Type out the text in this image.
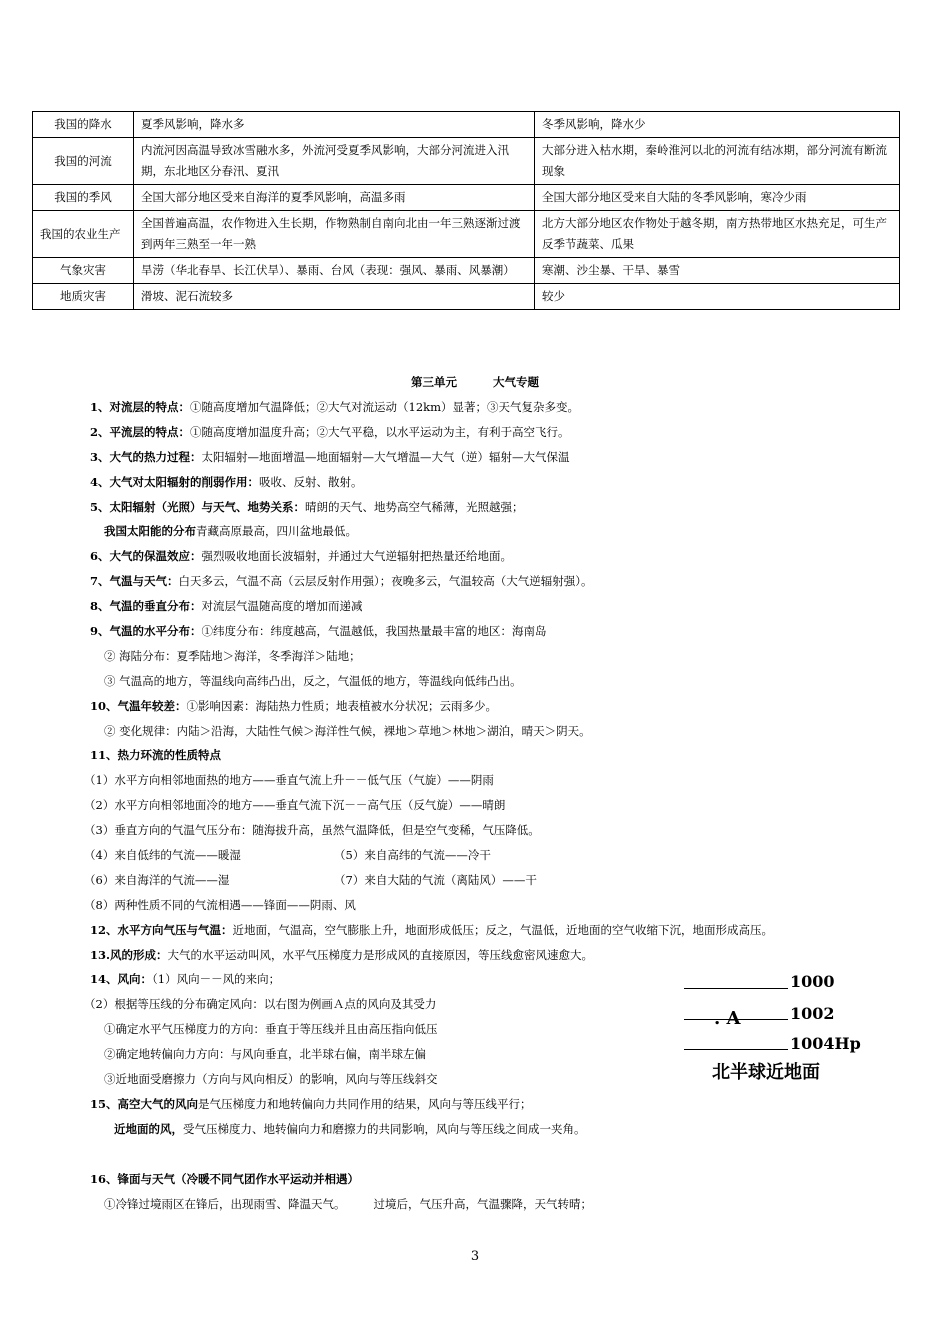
我国的降水	夏季风影响，降水多	冬季风影响，降水少
我国的河流	内流河因高温导致冰雪融水多，外流河受夏季风影响，大部分河流进入汛期，东北地区分春汛、夏汛	大部分进入枯水期，秦岭淮河以北的河流有结冰期，部分河流有断流现象
我国的季风	全国大部分地区受来自海洋的夏季风影响，高温多雨	全国大部分地区受来自大陆的冬季风影响，寒冷少雨
我国的农业生产	全国普遍高温，农作物进入生长期，作物熟制自南向北由一年三熟逐渐过渡到两年三熟至一年一熟	北方大部分地区农作物处于越冬期，南方热带地区水热充足，可生产反季节蔬菜、瓜果
气象灾害	旱涝（华北春旱、长江伏旱）、暴雨、台风（表现：强风、暴雨、风暴潮）	寒潮、沙尘暴、干旱、暴雪
地质灾害	滑坡、泥石流较多	较少
第三单元	大气专题
1、对流层的特点：①随高度增加气温降低；②大气对流运动（12km）显著；③天气复杂多变。
2、平流层的特点：①随高度增加温度升高；②大气平稳，以水平运动为主，有利于高空飞行。
3、大气的热力过程：太阳辐射—地面增温—地面辐射—大气增温—大气（逆）辐射—大气保温
4、大气对太阳辐射的削弱作用：吸收、反射、散射。
5、太阳辐射（光照）与天气、地势关系：晴朗的天气、地势高空气稀薄，光照越强；
我国太阳能的分布青藏高原最高，四川盆地最低。
6、大气的保温效应：强烈吸收地面长波辐射，并通过大气逆辐射把热量还给地面。
7、气温与天气：白天多云，气温不高（云层反射作用强）；夜晚多云，气温较高（大气逆辐射强）。
8、气温的垂直分布：对流层气温随高度的增加而递减
9、气温的水平分布：①纬度分布：纬度越高，气温越低，我国热量最丰富的地区：海南岛
② 海陆分布：夏季陆地＞海洋，冬季海洋＞陆地；
③ 气温高的地方，等温线向高纬凸出，反之，气温低的地方，等温线向低纬凸出。
10、气温年较差：①影响因素：海陆热力性质；地表植被水分状况；云雨多少。
② 变化规律：内陆＞沿海，大陆性气候＞海洋性气候，裸地＞草地＞林地＞湖泊，晴天＞阴天。
11、热力环流的性质特点
（1）水平方向相邻地面热的地方——垂直气流上升－－低气压（气旋）——阴雨
（2）水平方向相邻地面冷的地方——垂直气流下沉－－高气压（反气旋）——晴朗
（3）垂直方向的气温气压分布：随海拔升高，虽然气温降低，但是空气变稀，气压降低。
（4）来自低纬的气流——暖湿	（5）来自高纬的气流——冷干
（6）来自海洋的气流——湿	（7）来自大陆的气流（离陆风）——干
（8）两种性质不同的气流相遇——锋面——阴雨、风
12、水平方向气压与气温：近地面，气温高，空气膨胀上升，地面形成低压；反之，气温低，近地面的空气收缩下沉，地面形成高压。
13.风的形成：大气的水平运动叫风，水平气压梯度力是形成风的直接原因，等压线愈密风速愈大。
14、风向：（1）风向－－风的来向；
（2）根据等压线的分布确定风向：以右图为例画Ａ点的风向及其受力
①确定水平气压梯度力的方向：垂直于等压线并且由高压指向低压
②确定地转偏向力方向：与风向垂直，北半球右偏，南半球左偏
③近地面受磨擦力（方向与风向相反）的影响，风向与等压线斜交
15、高空大气的风向是气压梯度力和地转偏向力共同作用的结果，风向与等压线平行；
近地面的风，受气压梯度力、地转偏向力和磨擦力的共同影响，风向与等压线之间成一夹角。
16、锋面与天气（冷暖不同气团作水平运动并相遇）
①冷锋过境雨区在锋后，出现雨雪、降温天气。 过境后，气压升高，气温骤降，天气转晴；
1000
. A	1002
1004Hp
北半球近地面
3
